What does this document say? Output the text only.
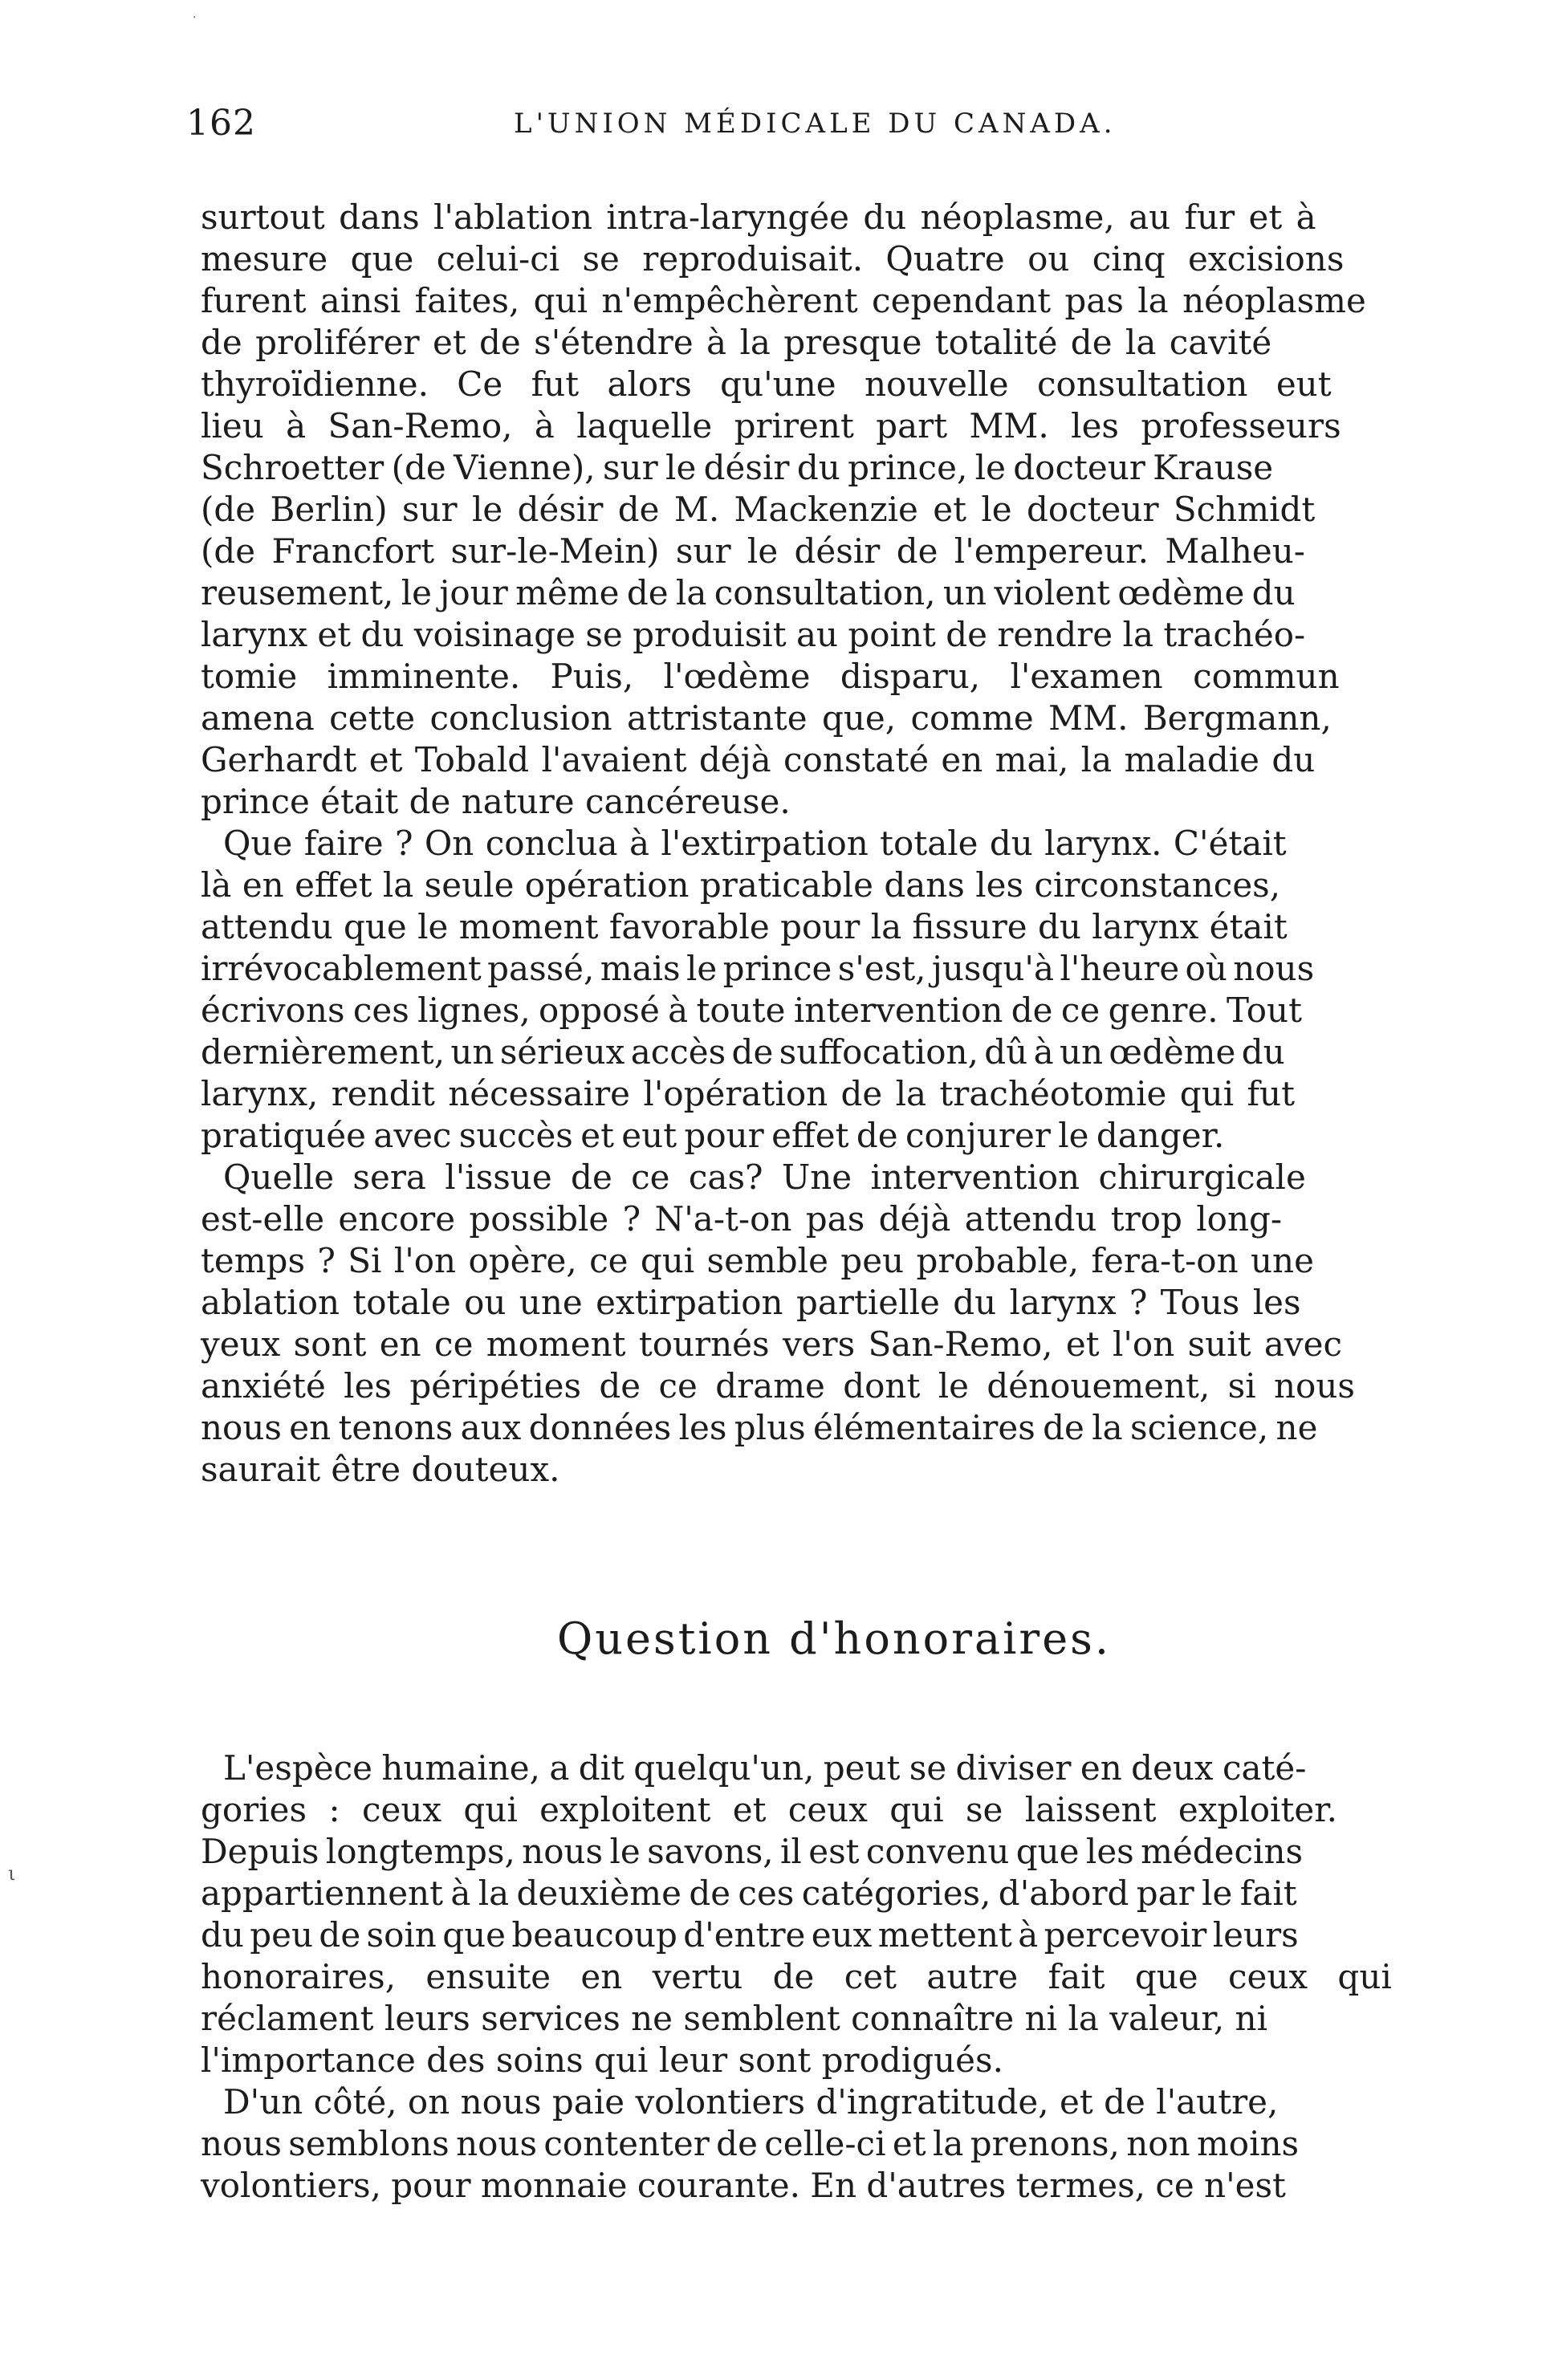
162	L'UNION MÉDICALE DU CANADA.
surtout dans l'ablation intra-laryngée du néoplasme, au fur et à
mesure que celui-ci se reproduisait. Quatre ou cinq excisions
furent ainsi faites, qui n'empêchèrent cependant pas la néoplasme
de proliférer et de s'étendre à la presque totalité de la cavité
thyroïdienne. Ce fut alors qu'une nouvelle consultation eut
lieu à San-Remo, à laquelle prirent part MM. les professeurs
Schroetter (de Vienne), sur le désir du prince, le docteur Krause
(de Berlin) sur le désir de M. Mackenzie et le docteur Schmidt
(de Francfort sur-le-Mein) sur le désir de l'empereur. Malheu-
reusement, le jour même de la consultation, un violent œdème du
larynx et du voisinage se produisit au point de rendre la trachéo-
tomie imminente. Puis, l'œdème disparu, l'examen commun
amena cette conclusion attristante que, comme MM. Bergmann,
Gerhardt et Tobald l'avaient déjà constaté en mai, la maladie du
prince était de nature cancéreuse.
Que faire ? On conclua à l'extirpation totale du larynx. C'était
là en effet la seule opération praticable dans les circonstances,
attendu que le moment favorable pour la fissure du larynx était
irrévocablement passé, mais le prince s'est, jusqu'à l'heure où nous
écrivons ces lignes, opposé à toute intervention de ce genre. Tout
dernièrement, un sérieux accès de suffocation, dû à un œdème du
larynx, rendit nécessaire l'opération de la trachéotomie qui fut
pratiquée avec succès et eut pour effet de conjurer le danger.
Quelle sera l'issue de ce cas? Une intervention chirurgicale
est-elle encore possible ? N'a-t-on pas déjà attendu trop long-
temps ? Si l'on opère, ce qui semble peu probable, fera-t-on une
ablation totale ou une extirpation partielle du larynx ? Tous les
yeux sont en ce moment tournés vers San-Remo, et l'on suit avec
anxiété les péripéties de ce drame dont le dénouement, si nous
nous en tenons aux données les plus élémentaires de la science, ne
saurait être douteux.
Question d'honoraires.
L'espèce humaine, a dit quelqu'un, peut se diviser en deux caté-
gories : ceux qui exploitent et ceux qui se laissent exploiter.
Depuis longtemps, nous le savons, il est convenu que les médecins
appartiennent à la deuxième de ces catégories, d'abord par le fait
du peu de soin que beaucoup d'entre eux mettent à percevoir leurs
honoraires, ensuite en vertu de cet autre fait que ceux qui
réclament leurs services ne semblent connaître ni la valeur, ni
l'importance des soins qui leur sont prodigués.
D'un côté, on nous paie volontiers d'ingratitude, et de l'autre,
nous semblons nous contenter de celle-ci et la prenons, non moins
volontiers, pour monnaie courante. En d'autres termes, ce n'est
ι
·
